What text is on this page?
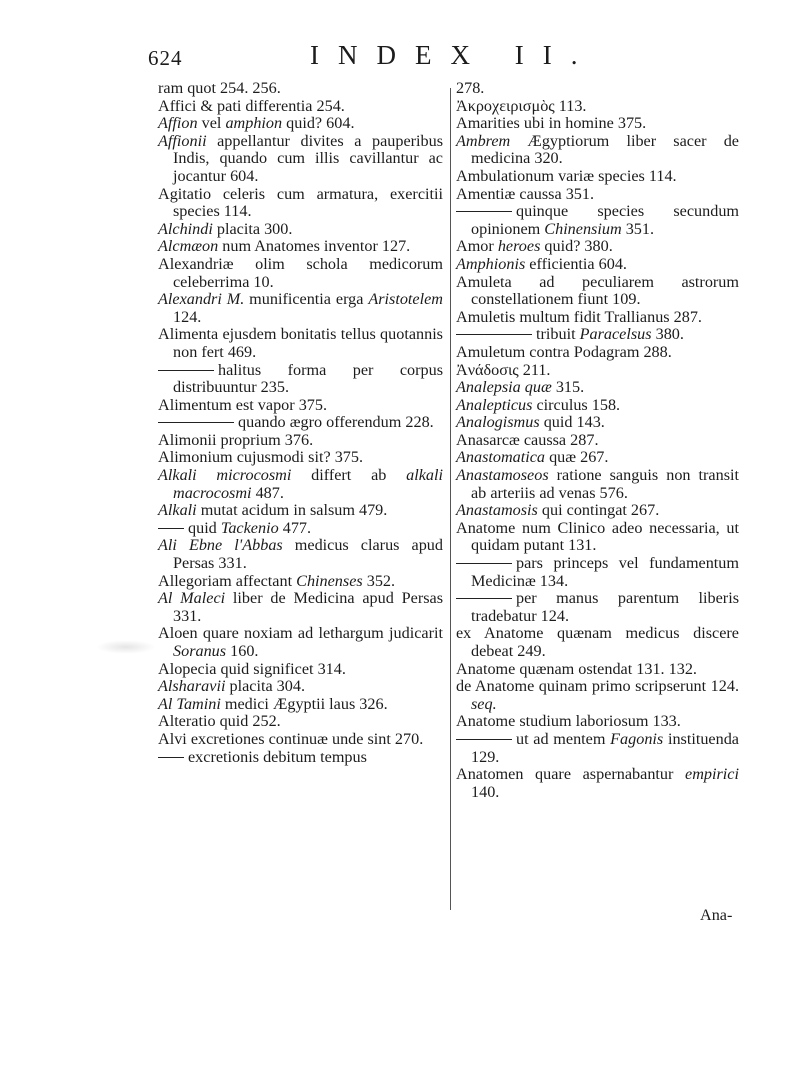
624	INDEX II.

ram quot 254. 256.

Affici & pati differentia 254.

Affion vel amphion quid? 604.

Affionii appellantur divites a pauperibus Indis, quando cum illis cavillantur ac jocantur 604.

Agitatio celeris cum armatura, exercitii species 114.

Alchindi placita 300.

Alcmæon num Anatomes inventor 127.

Alexandriæ olim schola medicorum celeberrima 10.

Alexandri M. munificentia erga Aristotelem 124.

Alimenta ejusdem bonitatis tellus quotannis non fert 469.

halitus forma per corpus distribuuntur 235.

Alimentum est vapor 375.

quando ægro offerendum 228.

Alimonii proprium 376.

Alimonium cujusmodi sit? 375.

Alkali microcosmi differt ab alkali macrocosmi 487.

Alkali mutat acidum in salsum 479.

quid Tackenio 477.

Ali Ebne l'Abbas medicus clarus apud Persas 331.

Allegoriam affectant Chinenses 352.

Al Maleci liber de Medicina apud Persas 331.

Aloen quare noxiam ad lethargum judicarit Soranus 160.

Alopecia quid significet 314.

Alsharavii placita 304.

Al Tamini medici Ægyptii laus 326.

Alteratio quid 252.

Alvi excretiones continuæ unde sint 270.

excretionis debitum tempus

278.

Ἀκροχειρισμὸς 113.

Amarities ubi in homine 375.

Ambrem Ægyptiorum liber sacer de medicina 320.

Ambulationum variæ species 114.

Amentiæ caussa 351.

quinque species secundum opinionem Chinensium 351.

Amor heroes quid? 380.

Amphionis efficientia 604.

Amuleta ad peculiarem astrorum constellationem fiunt 109.

Amuletis multum fidit Trallianus 287.

tribuit Paracelsus 380.

Amuletum contra Podagram 288.

Ἀνάδοσις 211.

Analepsia quæ 315.

Analepticus circulus 158.

Analogismus quid 143.

Anasarcæ caussa 287.

Anastomatica quæ 267.

Anastamoseos ratione sanguis non transit ab arteriis ad venas 576.

Anastamosis qui contingat 267.

Anatome num Clinico adeo necessaria, ut quidam putant 131.

pars princeps vel fundamentum Medicinæ 134.

per manus parentum liberis tradebatur 124.

ex Anatome quænam medicus discere debeat 249.

Anatome quænam ostendat 131. 132.

de Anatome quinam primo scripserunt 124. seq.

Anatome studium laboriosum 133.

ut ad mentem Fagonis instituenda 129.

Anatomen quare aspernabantur empirici 140.

Ana-
